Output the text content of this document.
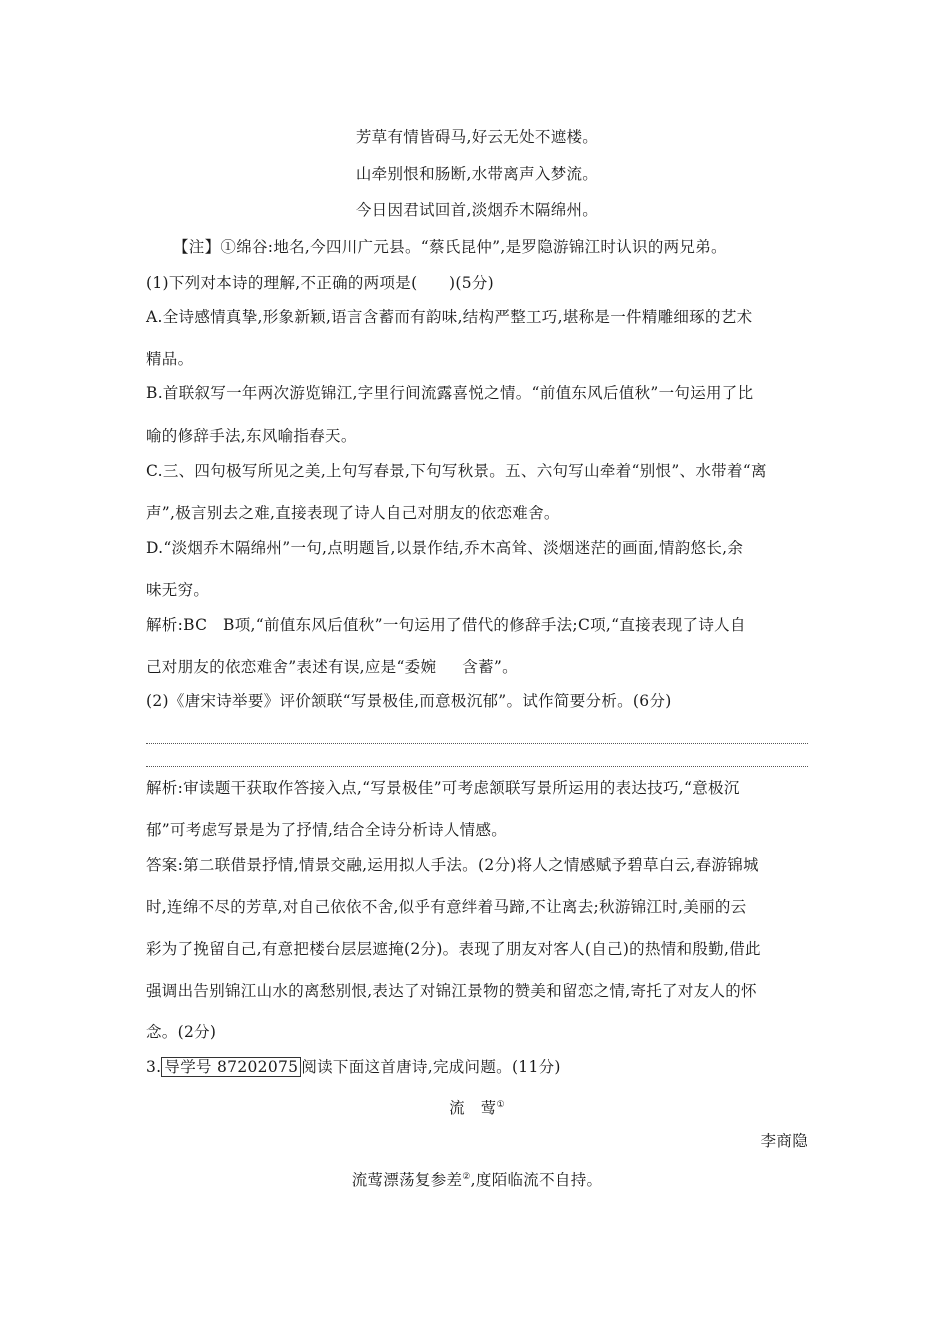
芳草有情皆碍马,好云无处不遮楼。
山牵别恨和肠断,水带离声入梦流。
今日因君试回首,淡烟乔木隔绵州。
【注】①绵谷:地名,今四川广元县。“蔡氏昆仲”,是罗隐游锦江时认识的两兄弟。
(1)下列对本诗的理解,不正确的两项是(　　)(5分)
A.全诗感情真挚,形象新颖,语言含蓄而有韵味,结构严整工巧,堪称是一件精雕细琢的艺术
精品。
B.首联叙写一年两次游览锦江,字里行间流露喜悦之情。“前值东风后值秋”一句运用了比
喻的修辞手法,东风喻指春天。
C.三、四句极写所见之美,上句写春景,下句写秋景。五、六句写山牵着“别恨”、水带着“离
声”,极言别去之难,直接表现了诗人自己对朋友的依恋难舍。
D.“淡烟乔木隔绵州”一句,点明题旨,以景作结,乔木高耸、淡烟迷茫的画面,情韵悠长,余
味无穷。
解析:BC　B项,“前值东风后值秋”一句运用了借代的修辞手法;C项,“直接表现了诗人自
己对朋友的依恋难舍”表述有误,应是“委婉 含蓄”。
(2)《唐宋诗举要》评价颔联“写景极佳,而意极沉郁”。试作简要分析。(6分)
解析:审读题干获取作答接入点,“写景极佳”可考虑颔联写景所运用的表达技巧,“意极沉
郁”可考虑写景是为了抒情,结合全诗分析诗人情感。
答案:第二联借景抒情,情景交融,运用拟人手法。(2分)将人之情感赋予碧草白云,春游锦城
时,连绵不尽的芳草,对自己依依不舍,似乎有意绊着马蹄,不让离去;秋游锦江时,美丽的云
彩为了挽留自己,有意把楼台层层遮掩(2分)。表现了朋友对客人(自己)的热情和殷勤,借此
强调出告别锦江山水的离愁别恨,表达了对锦江景物的赞美和留恋之情,寄托了对友人的怀
念。(2分)
3. 导学号 87202075 阅读下面这首唐诗,完成问题。(11分)
流　莺①
李商隐
流莺漂荡复参差②,度陌临流不自持。
